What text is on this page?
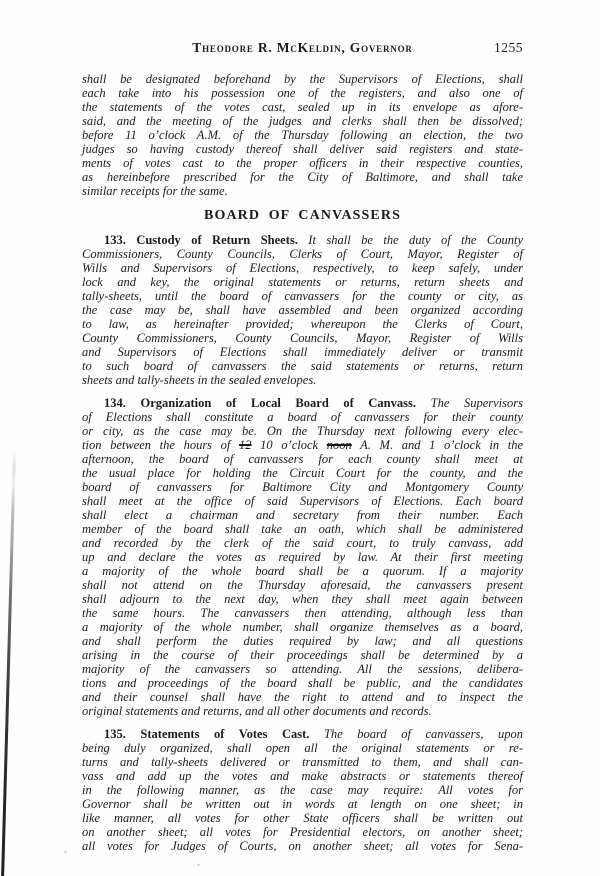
Theodore R. McKeldin, Governor	1255
shall be designated beforehand by the Supervisors of Elections, shall
each take into his possession one of the registers, and also one of
the statements of the votes cast, sealed up in its envelope as afore-
said, and the meeting of the judges and clerks shall then be dissolved;
before 11 o’clock A.M. of the Thursday following an election, the two
judges so having custody thereof shall deliver said registers and state-
ments of votes cast to the proper officers in their respective counties,
as hereinbefore prescribed for the City of Baltimore, and shall take
similar receipts for the same.
BOARD OF CANVASSERS
133. Custody of Return Sheets. It shall be the duty of the County
Commissioners, County Councils, Clerks of Court, Mayor, Register of
Wills and Supervisors of Elections, respectively, to keep safely, under
lock and key, the original statements or returns, return sheets and
tally-sheets, until the board of canvassers for the county or city, as
the case may be, shall have assembled and been organized according
to law, as hereinafter provided; whereupon the Clerks of Court,
County Commissioners, County Councils, Mayor, Register of Wills
and Supervisors of Elections shall immediately deliver or transmit
to such board of canvassers the said statements or returns, return
sheets and tally-sheets in the sealed envelopes.
134. Organization of Local Board of Canvass. The Supervisors
of Elections shall constitute a board of canvassers for their county
or city, as the case may be. On the Thursday next following every elec-
tion between the hours of 12 10 o’clock noon A. M. and 1 o’clock in the
afternoon, the board of canvassers for each county shall meet at
the usual place for holding the Circuit Court for the county, and the
board of canvassers for Baltimore City and Montgomery County
shall meet at the office of said Supervisors of Elections. Each board
shall elect a chairman and secretary from their number. Each
member of the board shall take an oath, which shall be administered
and recorded by the clerk of the said court, to truly canvass, add
up and declare the votes as required by law. At their first meeting
a majority of the whole board shall be a quorum. If a majority
shall not attend on the Thursday aforesaid, the canvassers present
shall adjourn to the next day, when they shall meet again between
the same hours. The canvassers then attending, although less than
a majority of the whole number, shall organize themselves as a board,
and shall perform the duties required by law; and all questions
arising in the course of their proceedings shall be determined by a
majority of the canvassers so attending. All the sessions, delibera-
tions and proceedings of the board shall be public, and the candidates
and their counsel shall have the right to attend and to inspect the
original statements and returns, and all other documents and records.
135. Statements of Votes Cast. The board of canvassers, upon
being duly organized, shall open all the original statements or re-
turns and tally-sheets delivered or transmitted to them, and shall can-
vass and add up the votes and make abstracts or statements thereof
in the following manner, as the case may require: All votes for
Governor shall be written out in words at length on one sheet; in
like manner, all votes for other State officers shall be written out
on another sheet; all votes for Presidential electors, on another sheet;
all votes for Judges of Courts, on another sheet; all votes for Sena-
